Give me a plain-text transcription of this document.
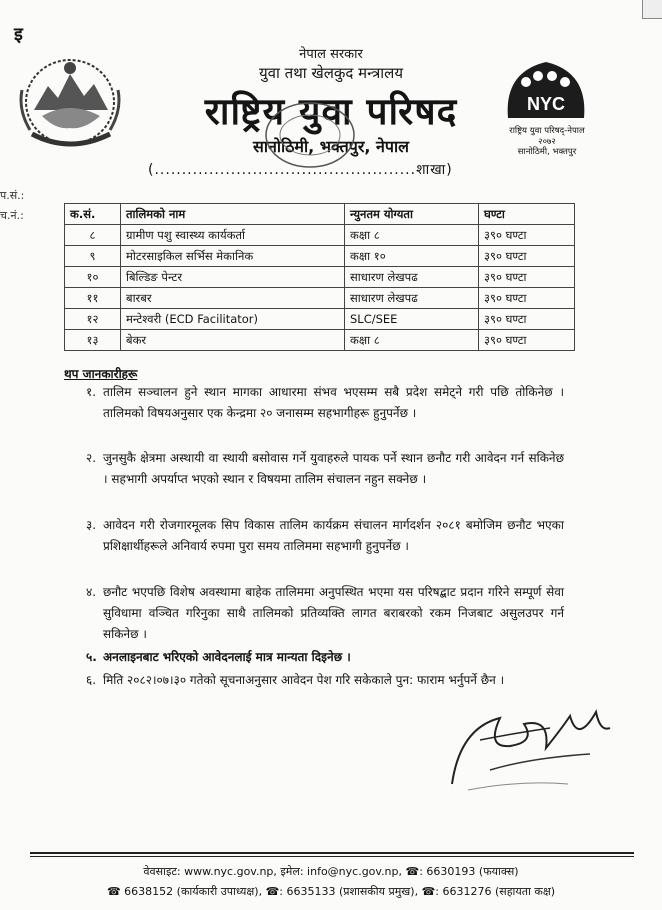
इ
नेपाल सरकार
युवा तथा खेलकुद मन्त्रालय
राष्ट्रिय युवा परिषद
सानोठिमी, भक्तपुर, नेपाल
(................................................शाखा)
NYC
राष्ट्रिय युवा परिषद्-नेपाल
२०७२
सानोठिमी, भक्तपुर
प.सं.:
च.नं.:	क.सं.	तालिमको नाम	न्युनतम योग्यता	घण्टा
८	ग्रामीण पशु स्वास्थ्य कार्यकर्ता	कक्षा ८	३९० घण्टा
९	मोटरसाइकिल सर्भिस मेकानिक	कक्षा १०	३९० घण्टा
१०	बिल्डिङ पेन्टर	साधारण लेखपढ	३९० घण्टा
११	बारबर	साधारण लेखपढ	३९० घण्टा
१२	मन्टेश्वरी (ECD Facilitator)	SLC/SEE	३९० घण्टा
१३	बेकर	कक्षा ८	३९० घण्टा
थप जानकारीहरू
१. तालिम सञ्चालन हुने स्थान मागका आधारमा संभव भएसम्म सबै प्रदेश समेट्ने गरी पछि तोकिनेछ । तालिमको विषयअनुसार एक केन्द्रमा २० जनासम्म सहभागीहरू हुनुपर्नेछ ।
२. जुनसुकै क्षेत्रमा अस्थायी वा स्थायी बसोवास गर्ने युवाहरुले पायक पर्ने स्थान छनौट गरी आवेदन गर्न सकिनेछ । सहभागी अपर्याप्त भएको स्थान र विषयमा तालिम संचालन नहुन सक्नेछ ।
३. आवेदन गरी रोजगारमूलक सिप विकास तालिम कार्यक्रम संचालन मार्गदर्शन २०८१ बमोजिम छनौट भएका प्रशिक्षार्थीहरूले अनिवार्य रुपमा पुरा समय तालिममा सहभागी हुनुपर्नेछ ।
४. छनौट भएपछि विशेष अवस्थामा बाहेक तालिममा अनुपस्थित भएमा यस परिषद्बाट प्रदान गरिने सम्पूर्ण सेवा सुविधामा वञ्चित गरिनुका साथै तालिमको प्रतिव्यक्ति लागत बराबरको रकम निजबाट असुलउपर गर्न सकिनेछ ।
५. अनलाइनबाट भरिएको आवेदनलाई मात्र मान्यता दिइनेछ ।
६. मिति २०८२।०७।३० गतेको सूचनाअनुसार आवेदन पेश गरि सकेकाले पुन: फाराम भर्नुपर्ने छैन ।
वेवसाइट: www.nyc.gov.np, इमेल: info@nyc.gov.np, ☎: 6630193 (फयाक्स)
☎ 6638152 (कार्यकारी उपाध्यक्ष), ☎: 6635133 (प्रशासकीय प्रमुख), ☎: 6631276 (सहायता कक्ष)
